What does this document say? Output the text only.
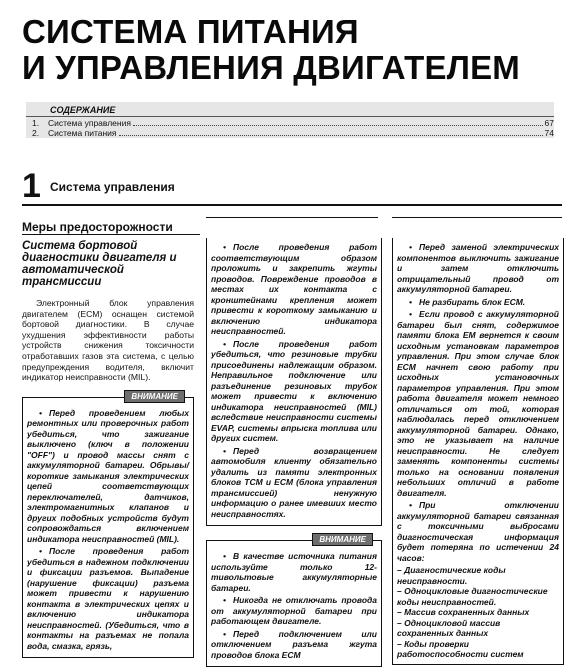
СИСТЕМА ПИТАНИЯ
И УПРАВЛЕНИЯ ДВИГАТЕЛЕМ
СОДЕРЖАНИЕ
1.	Система управления	67
2.	Система питания	74
1 Система управления
Меры предосторожности
Система бортовой диагностики двигателя и автоматической трансмиссии

Электронный блок управления двигателем (ECM) оснащен системой бортовой диагностики. В случае ухудшения эффективности работы устройств снижения токсичности отработавших газов эта система, с целью предупреждения водителя, включит индикатор неисправности (MIL).

ВНИМАНИЕ

• Перед проведением любых ремонтных или проверочных работ убедиться, что зажигание выключено (ключ в положении "OFF") и провод массы снят с аккумуляторной батареи. Обрывы/короткие замыкания электрических цепей соответствующих переключателей, датчиков, электромагнитных клапанов и других подобных устройств будут сопровождаться включением индикатора неисправностей (MIL).

• После проведения работ убедиться в надежном подключении и фиксации разъемов. Выпадение (нарушение фиксации) разъема может привести к нарушению контакта в электрических цепях и включению индикатора неисправностей. (Убедиться, что в контакты на разъемах не попала вода, смазка, грязь,

• После проведения работ соответствующим образом проложить и закрепить жгуты проводов. Повреждение проводов в местах их контакта с кронштейнами крепления может привести к короткому замыканию и включению индикатора неисправностей.

• После проведения работ убедиться, что резиновые трубки присоединены надлежащим образом. Неправильное подключение или разъединение резиновых трубок может привести к включению индикатора неисправностей (MIL) вследствие неисправности системы EVAP, системы впрыска топлива или других систем.

• Перед возвращением автомобиля клиенту обязательно удалить из памяти электронных блоков TCM и ECM (блока управления трансмиссией) ненужную информацию о ранее имевших место неисправностях.

ВНИМАНИЕ

• В качестве источника питания используйте только 12-тивольтовые аккумуляторные батареи.

• Никогда не отключать провода от аккумуляторной батареи при работающем двигателе.

• Перед подключением или отключением разъема жгута проводов блока ECM

• Перед заменой электрических компонентов выключить зажигание и затем отключить отрицательный провод от аккумуляторной батареи.

• Не разбирать блок ECM.

• Если провод с аккумуляторной батареи был снят, содержимое памяти блока ЕМ вернется к своим исходным установкам параметров управления. При этом случае блок ECM начнет свою работу при исходных установочных параметров управления. При этом работа двигателя может немного отличаться от той, которая наблюдалась перед отключением аккумуляторной батареи. Однако, это не указывает на наличие неисправности. Не следует заменять компоненты системы только на основании появления небольших отличий в работе двигателя.

• При отключении аккумуляторной батареи связанная с токсичными выбросами диагностическая информация будет потеряна по истечении 24 часов:

– Диагностические коды неисправности.

– Одноцикловые диагностические коды неисправностей.

– Массив сохраненных данных

– Одноцикловой массив сохраненных данных

– Коды проверки работоспособности систем
